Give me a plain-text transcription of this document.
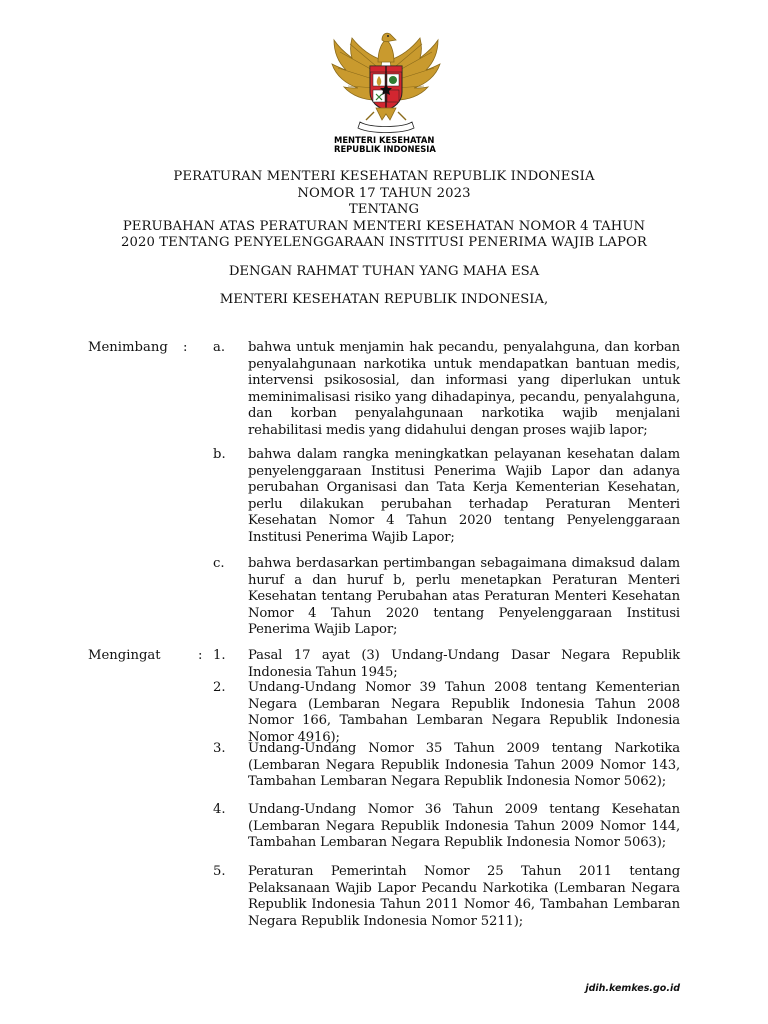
MENTERI KESEHATAN
REPUBLIK INDONESIA
PERATURAN MENTERI KESEHATAN REPUBLIK INDONESIA
NOMOR 17 TAHUN 2023
TENTANG
PERUBAHAN ATAS PERATURAN MENTERI KESEHATAN NOMOR 4 TAHUN
2020 TENTANG PENYELENGGARAAN INSTITUSI PENERIMA WAJIB LAPOR
DENGAN RAHMAT TUHAN YANG MAHA ESA
MENTERI KESEHATAN REPUBLIK INDONESIA,
Menimbang : a. bahwa untuk menjamin hak pecandu, penyalahguna, dan korban penyalahgunaan narkotika untuk mendapatkan bantuan medis, intervensi psikososial, dan informasi yang diperlukan untuk meminimalisasi risiko yang dihadapinya, pecandu, penyalahguna, dan korban penyalahgunaan narkotika wajib menjalani rehabilitasi medis yang didahului dengan proses wajib lapor;
b. bahwa dalam rangka meningkatkan pelayanan kesehatan dalam penyelenggaraan Institusi Penerima Wajib Lapor dan adanya perubahan Organisasi dan Tata Kerja Kementerian Kesehatan, perlu dilakukan perubahan terhadap Peraturan Menteri Kesehatan Nomor 4 Tahun 2020 tentang Penyelenggaraan Institusi Penerima Wajib Lapor;
c. bahwa berdasarkan pertimbangan sebagaimana dimaksud dalam huruf a dan huruf b, perlu menetapkan Peraturan Menteri Kesehatan tentang Perubahan atas Peraturan Menteri Kesehatan Nomor 4 Tahun 2020 tentang Penyelenggaraan Institusi Penerima Wajib Lapor;
Mengingat	: 1. Pasal 17 ayat (3) Undang-Undang Dasar Negara Republik Indonesia Tahun 1945;
2. Undang-Undang Nomor 39 Tahun 2008 tentang Kementerian Negara (Lembaran Negara Republik Indonesia Tahun 2008 Nomor 166, Tambahan Lembaran Negara Republik Indonesia Nomor 4916);
3. Undang-Undang Nomor 35 Tahun 2009 tentang Narkotika (Lembaran Negara Republik Indonesia Tahun 2009 Nomor 143, Tambahan Lembaran Negara Republik Indonesia Nomor 5062);
4. Undang-Undang Nomor 36 Tahun 2009 tentang Kesehatan (Lembaran Negara Republik Indonesia Tahun 2009 Nomor 144, Tambahan Lembaran Negara Republik Indonesia Nomor 5063);
5. Peraturan Pemerintah Nomor 25 Tahun 2011 tentang Pelaksanaan Wajib Lapor Pecandu Narkotika (Lembaran Negara Republik Indonesia Tahun 2011 Nomor 46, Tambahan Lembaran Negara Republik Indonesia Nomor 5211);
jdih.kemkes.go.id
